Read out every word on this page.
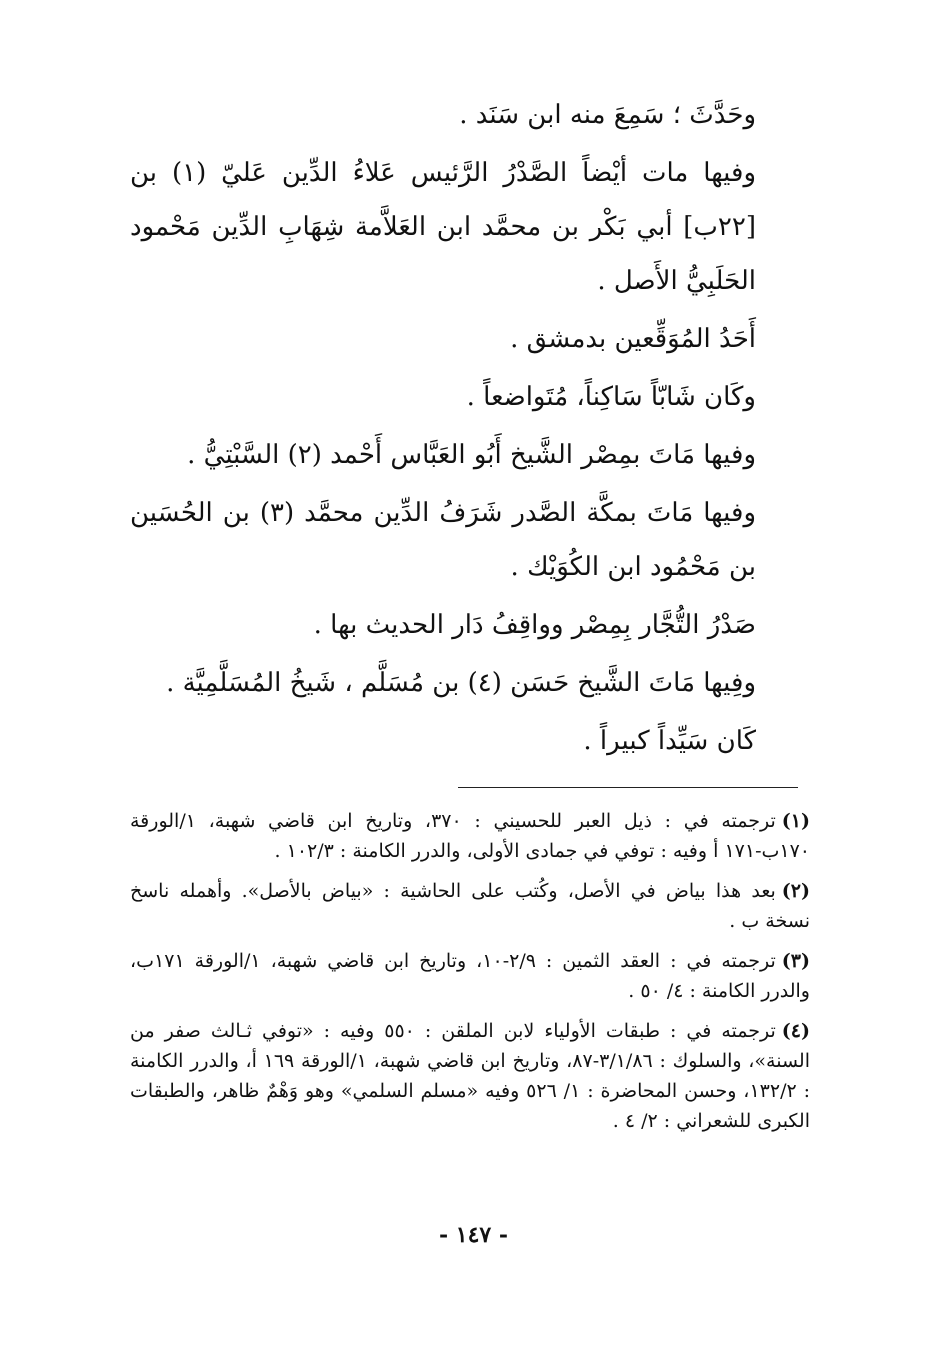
وحَدَّثَ ؛ سَمِعَ منه ابن سَنَد .

وفيها مات أيْضاً الصَّدْرُ الرَّئيس عَلاءُ الدِّين عَليّ (١) بن [٢٢ب] أبي بَكْر بن محمَّد ابن العَلاَّمة شِهَابِ الدِّين مَحْمود الحَلَبِيُّ الأَصل .

أَحَدُ المُوَقِّعين بدمشق .

وكَان شَابّاً سَاكِناً، مُتَواضعاً .

وفيها مَاتَ بمِصْر الشَّيخ أَبُو العَبَّاس أَحْمد (٢) السَّبْتِيُّ .

وفيها مَاتَ بمكَّة الصَّدر شَرَفُ الدِّين محمَّد (٣) بن الحُسَين بن مَحْمُود ابن الكُوَيْك .

صَدْرُ التُّجَّار بِمِصْر وواقِفُ دَار الحديث بها .

وفِيها مَاتَ الشَّيخ حَسَن (٤) بن مُسَلَّم ، شَيخُ المُسَلَّمِيَّة .

كَان سَيِّداً كبيراً .

(١)ترجمته في : ذيل العبر للحسيني : ٣٧٠، وتاريخ ابن قاضي شهبة، ١/الورقة ١٧٠ب-١٧١ أ وفيه : توفي في جمادى الأولى، والدرر الكامنة : ١٠٢/٣ .

(٢)بعد هذا بياض في الأصل، وكُتب على الحاشية : «بياض بالأصل». وأهمله ناسخ نسخة ب .

(٣)ترجمته في : العقد الثمين : ٢/٩-١٠، وتاريخ ابن قاضي شهبة، ١/الورقة ١٧١ب، والدرر الكامنة : ٤/ ٥٠ .

(٤)ترجمته في : طبقات الأولياء لابن الملقن : ٥٥٠ وفيه : «توفي ثـالث صفر من السنة»، والسلوك : ٣/١/٨٦-٨٧، وتاريخ ابن قاضي شهبة، ١/الورقة ١٦٩ أ، والدرر الكامنة : ١٣٢/٢، وحسن المحاضرة : ١/ ٥٢٦ وفيه «مسلم السلمي» وهو وَهْمٌ ظاهر، والطبقات الكبرى للشعراني : ٢/ ٤ .

- ١٤٧ -
